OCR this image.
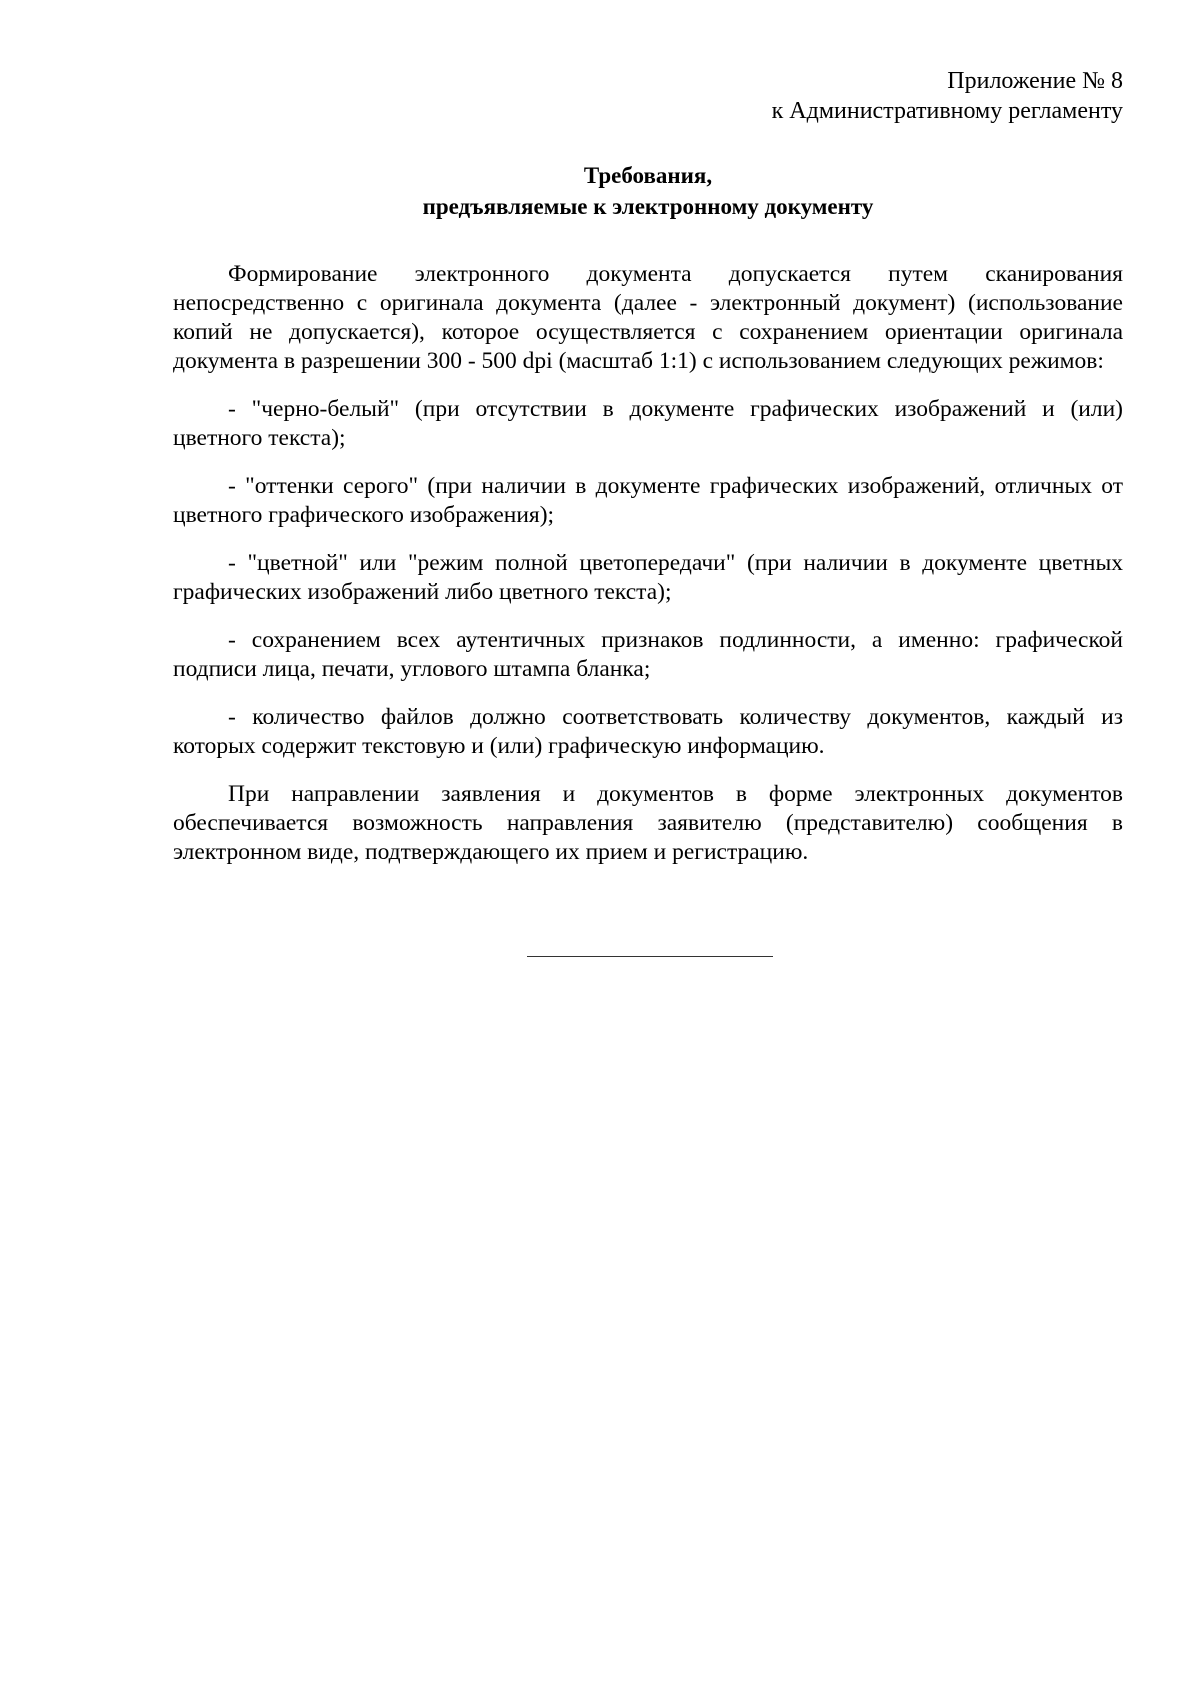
Приложение № 8
к Административному регламенту
Требования,
предъявляемые к электронному документу

Формирование электронного документа допускается путем сканирования непосредственно с оригинала документа (далее - электронный документ) (использование копий не допускается), которое осуществляется с сохранением ориентации оригинала документа в разрешении 300 - 500 dpi (масштаб 1:1) с использованием следующих режимов:

- "черно-белый" (при отсутствии в документе графических изображений и (или) цветного текста);

- "оттенки серого" (при наличии в документе графических изображений, отличных от цветного графического изображения);

- "цветной" или "режим полной цветопередачи" (при наличии в документе цветных графических изображений либо цветного текста);

- сохранением всех аутентичных признаков подлинности, а именно: графической подписи лица, печати, углового штампа бланка;

- количество файлов должно соответствовать количеству документов, каждый из которых содержит текстовую и (или) графическую информацию.

При направлении заявления и документов в форме электронных документов обеспечивается возможность направления заявителю (представителю) сообщения в электронном виде, подтверждающего их прием и регистрацию.
